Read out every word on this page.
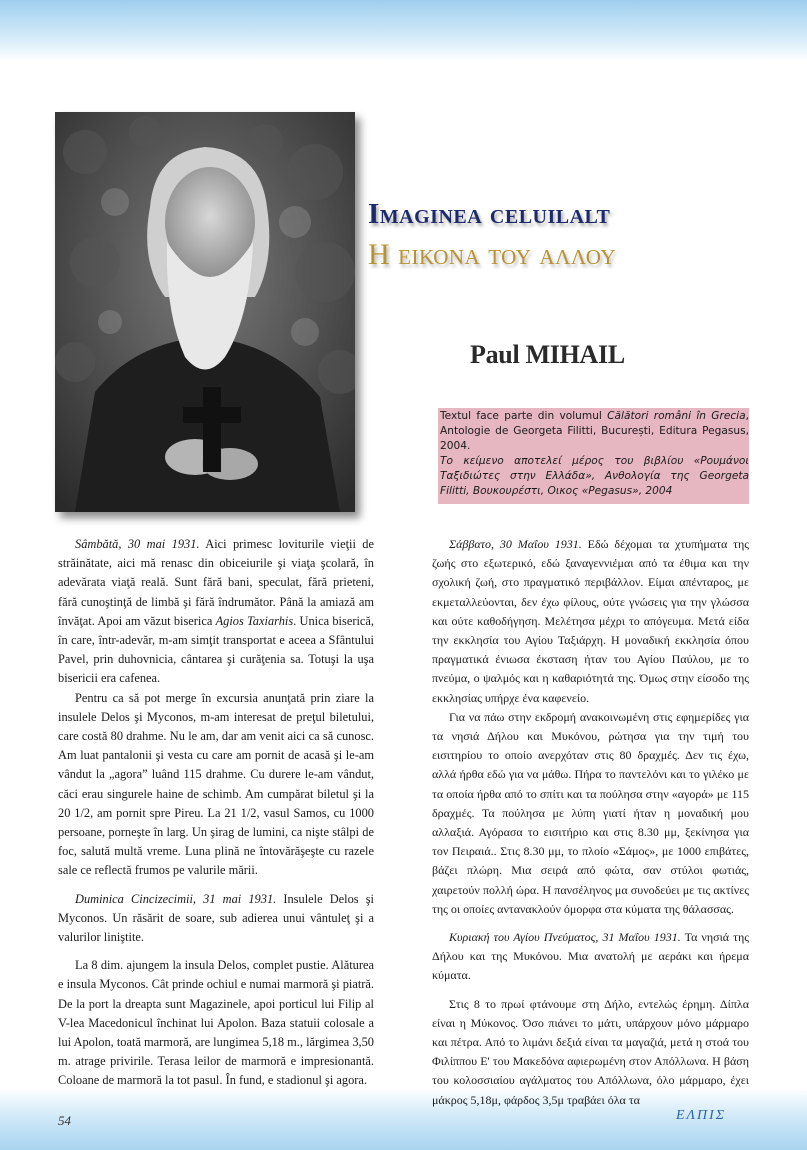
Imaginea celuilalt
Η εικονα του αλλου
Paul MIHAIL

Textul face parte din volumul Călători români în Grecia, Antologie de Georgeta Filitti, București, Editura Pegasus, 2004.

Το κείμενο αποτελεί μέρος του βιβλίου «Ρουμάνοι Ταξιδιώτες στην Ελλάδα», Ανθολογία της Georgeta Filitti, Βουκουρέστι, Οικος «Pegasus», 2004

Sâmbătă, 30 mai 1931. Aici primesc loviturile vieţii de străinătate, aici mă renasc din obiceiurile şi viaţa şcolară, în adevărata viaţă reală. Sunt fără bani, speculat, fără prieteni, fără cunoştinţă de limbă şi fără îndrumător. Până la amiază am învăţat. Apoi am văzut biserica Agios Taxiarhis. Unica biserică, în care, într-adevăr, m-am simţit transportat e aceea a Sfântului Pavel, prin duhovnicia, cântarea şi curăţenia sa. Totuşi la uşa bisericii era cafenea.

Pentru ca să pot merge în excursia anunţată prin ziare la insulele Delos şi Myconos, m-am interesat de preţul biletului, care costă 80 drahme. Nu le am, dar am venit aici ca să cunosc. Am luat pantalonii şi vesta cu care am pornit de acasă şi le-am vândut la „agora” luând 115 drahme. Cu durere le-am vândut, căci erau singurele haine de schimb. Am cumpărat biletul şi la 20 1/2, am pornit spre Pireu. La 21 1/2, vasul Samos, cu 1000 persoane, porneşte în larg. Un şirag de lumini, ca nişte stâlpi de foc, salută multă vreme. Luna plină ne întovărăşeşte cu razele sale ce reflectă frumos pe valurile mării.

Duminica Cincizecimii, 31 mai 1931. Insulele Delos şi Myconos. Un răsărit de soare, sub adierea unui vântuleţ şi a valurilor liniştite.

La 8 dim. ajungem la insula Delos, complet pustie. Alăturea e insula Myconos. Cât prinde ochiul e numai marmoră şi piatră. De la port la dreapta sunt Magazinele, apoi porticul lui Filip al V-lea Macedonicul închinat lui Apolon. Baza statuii colosale a lui Apolon, toată marmoră, are lungimea 5,18 m., lărgimea 3,50 m. atrage privirile. Terasa leilor de marmoră e impresionantă. Coloane de marmoră la tot pasul. În fund, e stadionul şi agora.

Σάββατο, 30 Μαΐου 1931. Εδώ δέχομαι τα χτυπήματα της ζωής στο εξωτερικό, εδώ ξαναγεννιέμαι από τα έθιμα και την σχολική ζωή, στο πραγματικό περιβάλλον. Είμαι απένταρος, με εκμεταλλεύονται, δεν έχω φίλους, ούτε γνώσεις για την γλώσσα και ούτε καθοδήγηση. Μελέτησα μέχρι το απόγευμα. Μετά είδα την εκκλησία του Αγίου Ταξιάρχη. Η μοναδική εκκλησία όπου πραγματικά ένιωσα έκσταση ήταν του Αγίου Παύλου, με το πνεύμα, ο ψαλμός και η καθαριότητά της. Όμως στην είσοδο της εκκλησίας υπήρχε ένα καφενείο.

Για να πάω στην εκδρομή ανακοινωμένη στις εφημερίδες για τα νησιά Δήλου και Μυκόνου, ρώτησα για την τιμή του εισιτηρίου το οποίο ανερχόταν στις 80 δραχμές. Δεν τις έχω, αλλά ήρθα εδώ για να μάθω. Πήρα το παντελόνι και το γιλέκο με τα οποία ήρθα από το σπίτι και τα πούλησα στην «αγορά» με 115 δραχμές. Τα πούλησα με λύπη γιατί ήταν η μοναδική μου αλλαξιά. Αγόρασα το εισιτήριο και στις 8.30 μμ, ξεκίνησα για τον Πειραιά.. Στις 8.30 μμ, το πλοίο «Σάμος», με 1000 επιβάτες, βάζει πλώρη. Μια σειρά από φώτα, σαν στύλοι φωτιάς, χαιρετούν πολλή ώρα. Η πανσέληνος μα συνοδεύει με τις ακτίνες της οι οποίες αντανακλούν όμορφα στα κύματα της θάλασσας.

Κυριακή του Αγίου Πνεύματος, 31 Μαΐου 1931. Τα νησιά της Δήλου και της Μυκόνου. Μια ανατολή με αεράκι και ήρεμα κύματα.

Στις 8 το πρωί φτάνουμε στη Δήλο, εντελώς έρημη. Δίπλα είναι η Μύκονος. Όσο πιάνει το μάτι, υπάρχουν μόνο μάρμαρο και πέτρα. Από το λιμάνι δεξιά είναι τα μαγαζιά, μετά η στοά του Φιλίππου Ε' του Μακεδόνα αφιερωμένη στον Απόλλωνα. Η βάση του κολοσσιαίου αγάλματος του Απόλλωνα, όλο μάρμαρο, έχει μάκρος 5,18μ, φάρδος 3,5μ τραβάει όλα τα

54	ΕΛΠΙΣ
